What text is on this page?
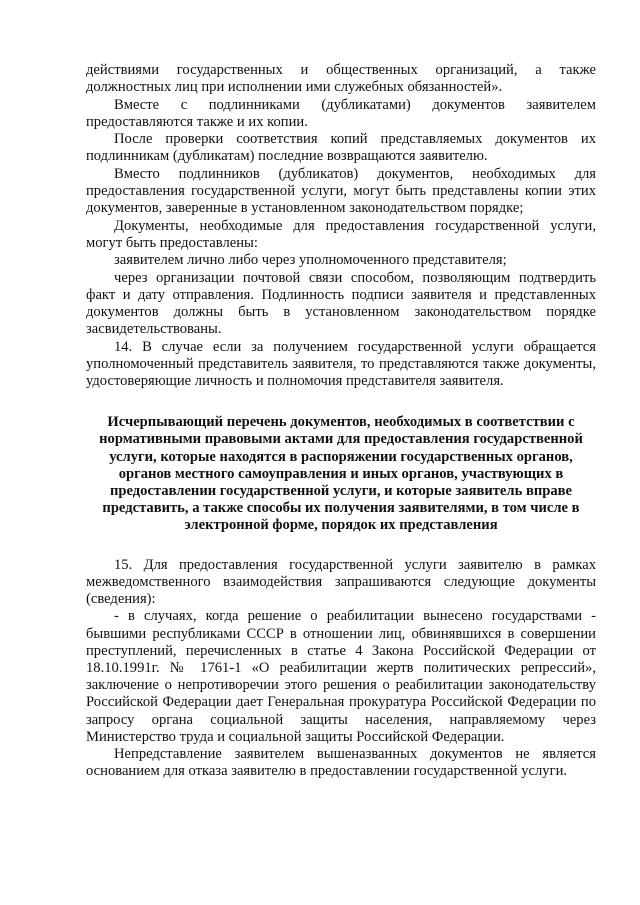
действиями государственных и общественных организаций, а также должностных лиц при исполнении ими служебных обязанностей».

Вместе с подлинниками (дубликатами) документов заявителем предоставляются также и их копии.

После проверки соответствия копий представляемых документов их подлинникам (дубликатам) последние возвращаются заявителю.

Вместо подлинников (дубликатов) документов, необходимых для предоставления государственной услуги, могут быть представлены копии этих документов, заверенные в установленном законодательством порядке;

Документы, необходимые для предоставления государственной услуги, могут быть предоставлены:

заявителем лично либо через уполномоченного представителя;

через организации почтовой связи способом, позволяющим подтвердить факт и дату отправления. Подлинность подписи заявителя и представленных документов должны быть в установленном законодательством порядке засвидетельствованы.

14. В случае если за получением государственной услуги обращается уполномоченный представитель заявителя, то представляются также документы, удостоверяющие личность и полномочия представителя заявителя.

Исчерпывающий перечень документов, необходимых в соответствии с нормативными правовыми актами для предоставления государственной услуги, которые находятся в распоряжении государственных органов, органов местного самоуправления и иных органов, участвующих в предоставлении государственной услуги, и которые заявитель вправе представить, а также способы их получения заявителями, в том числе в электронной форме, порядок их представления

15. Для предоставления государственной услуги заявителю в рамках межведомственного взаимодействия запрашиваются следующие документы (сведения):

- в случаях, когда решение о реабилитации вынесено государствами - бывшими республиками СССР в отношении лиц, обвинявшихся в совершении преступлений, перечисленных в статье 4 Закона Российской Федерации от 18.10.1991г. № 1761-1 «О реабилитации жертв политических репрессий», заключение о непротиворечии этого решения о реабилитации законодательству Российской Федерации дает Генеральная прокуратура Российской Федерации по запросу органа социальной защиты населения, направляемому через Министерство труда и социальной защиты Российской Федерации.

Непредставление заявителем вышеназванных документов не является основанием для отказа заявителю в предоставлении государственной услуги.
